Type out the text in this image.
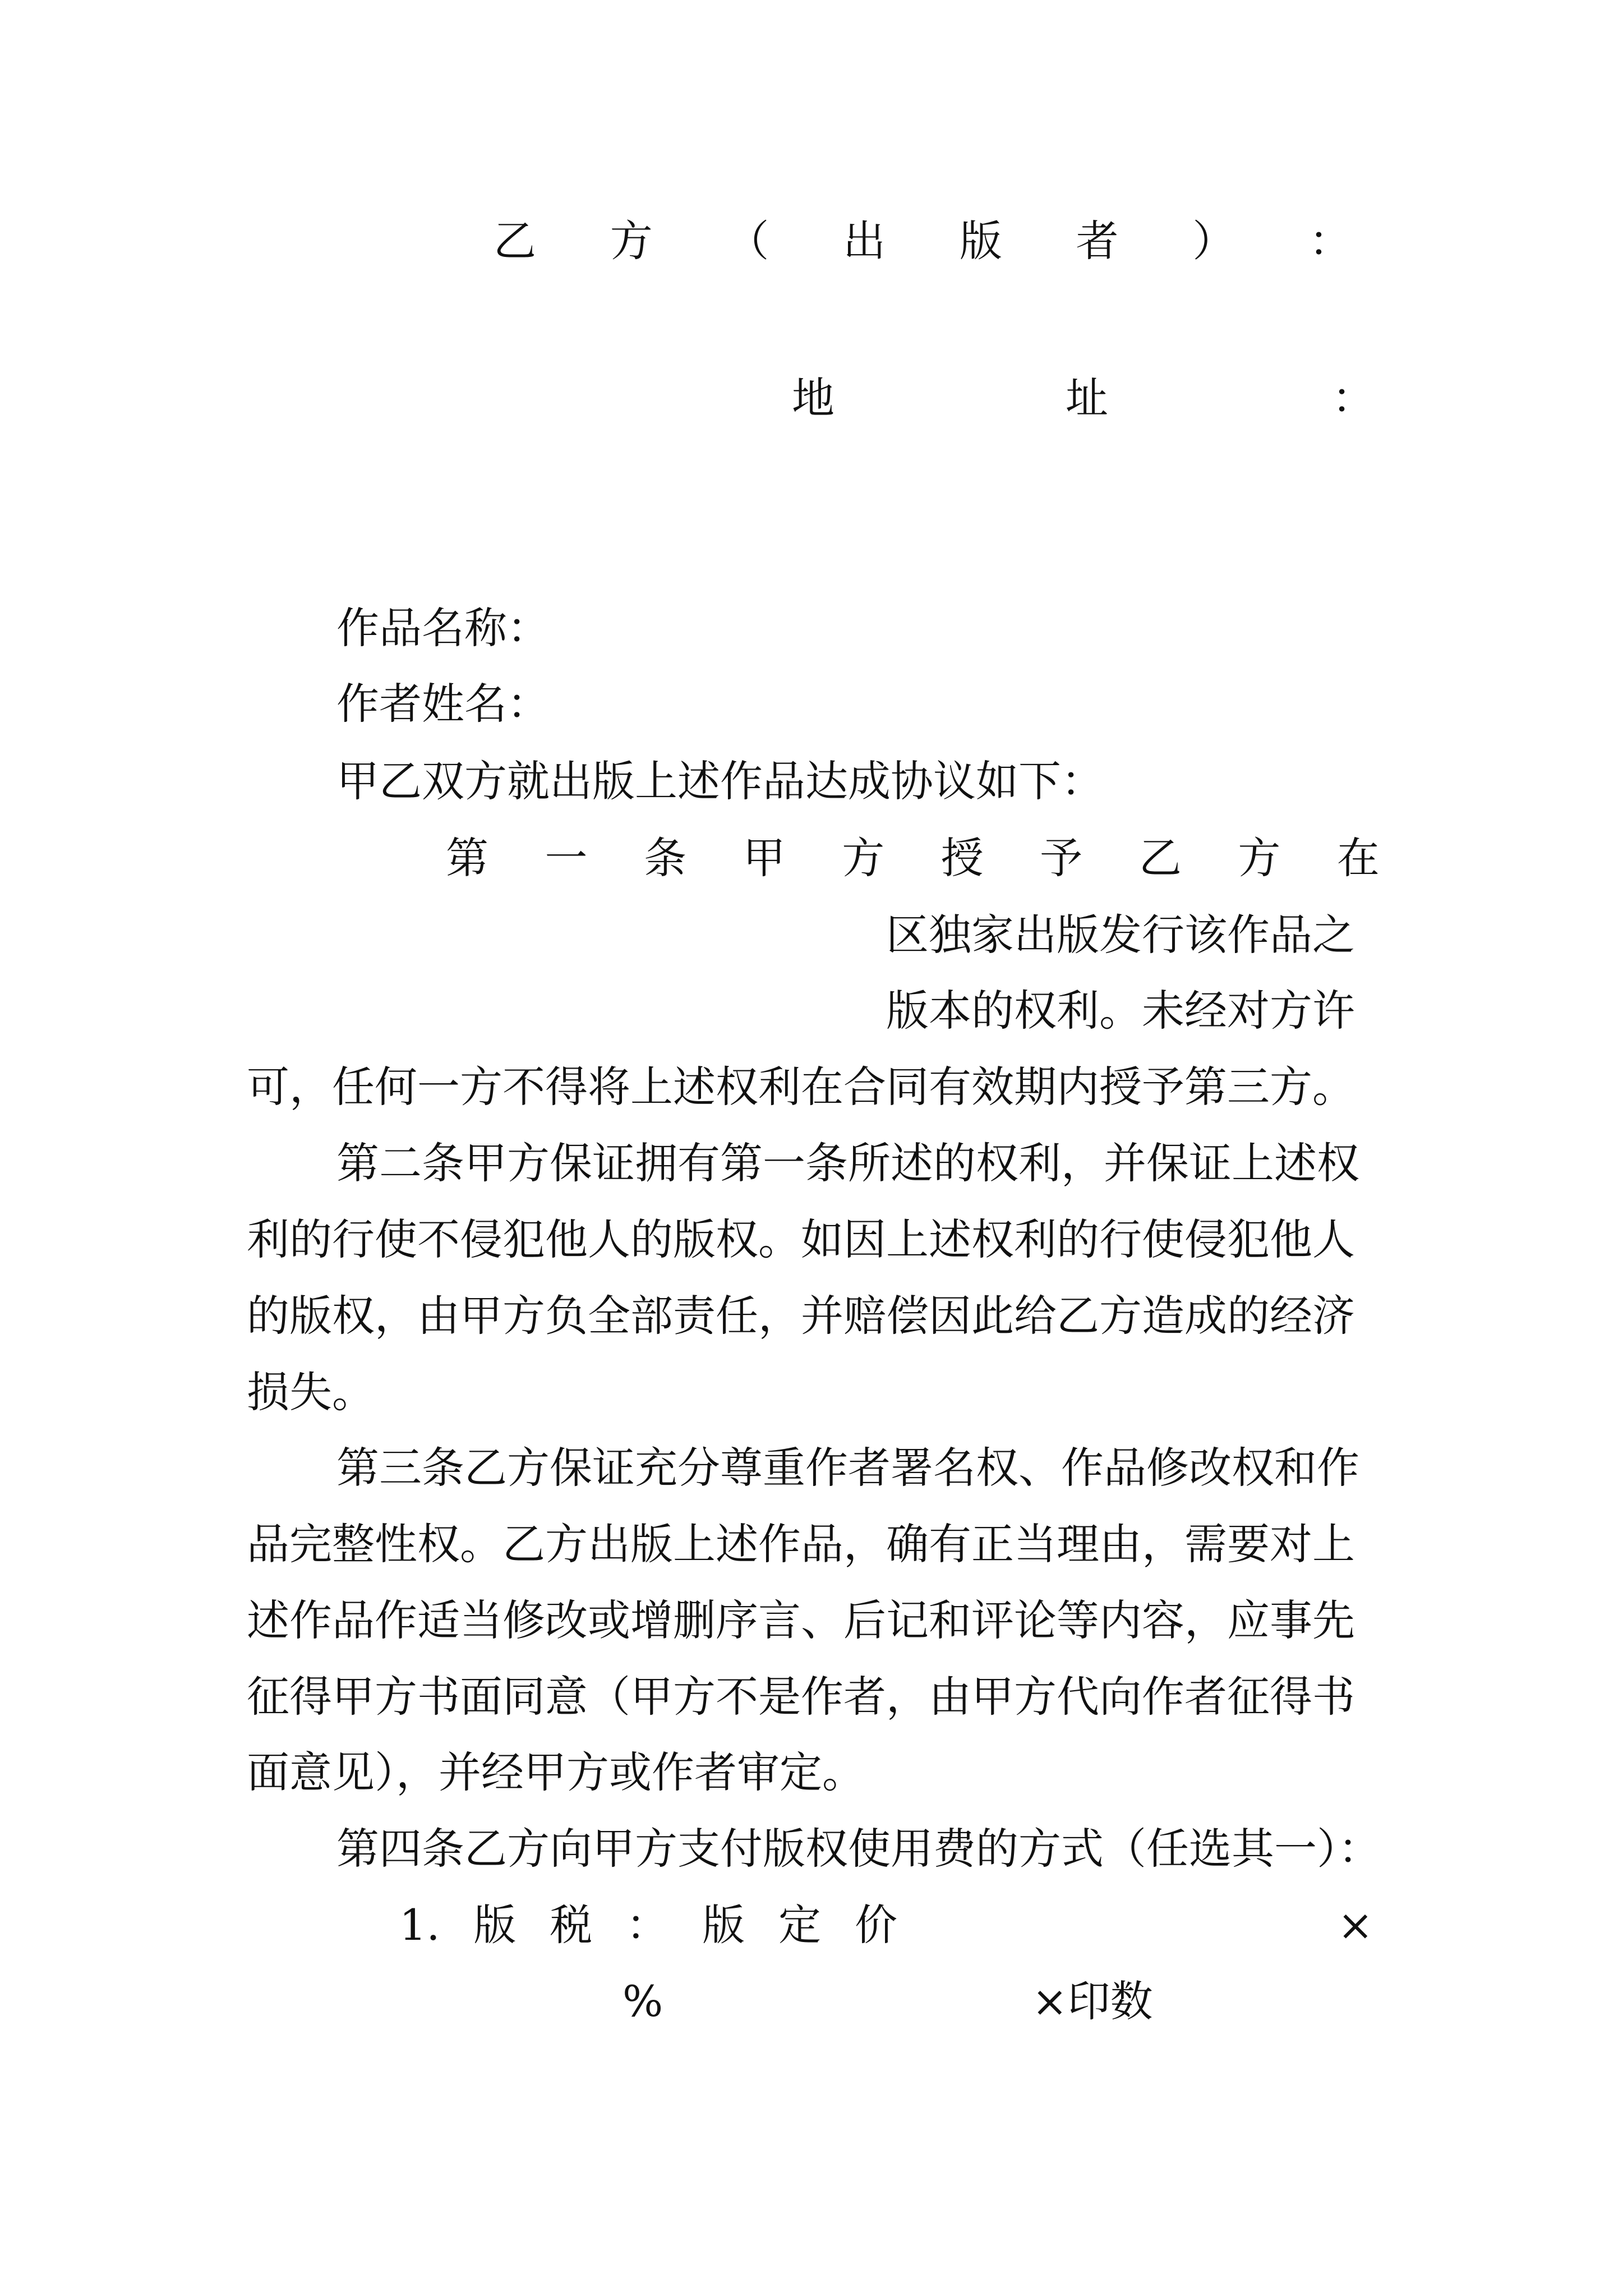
乙 方 （ 出 版 者 ） ：
地	址	：
作品名称：
作者姓名：
甲乙双方就出版上述作品达成协议如下：
第 一 条 甲 方 授 予 乙 方 在
区独家出版发行该作品之
版本的权利。未经对方许
可，任何一方不得将上述权利在合同有效期内授予第三方。
第二条甲方保证拥有第一条所述的权利，并保证上述权
利的行使不侵犯他人的版权。如因上述权利的行使侵犯他人
的版权，由甲方负全部责任，并赔偿因此给乙方造成的经济
损失。
第三条乙方保证充分尊重作者署名权、作品修改权和作
品完整性权。乙方出版上述作品，确有正当理由，需要对上
述作品作适当修改或增删序言、后记和评论等内容，应事先
征得甲方书面同意（甲方不是作者，由甲方代向作者征得书
面意见），并经甲方或作者审定。
第四条乙方向甲方支付版权使用费的方式（任选其一）：
1. 版 税 ： 版 定 价	×
%	×印数
